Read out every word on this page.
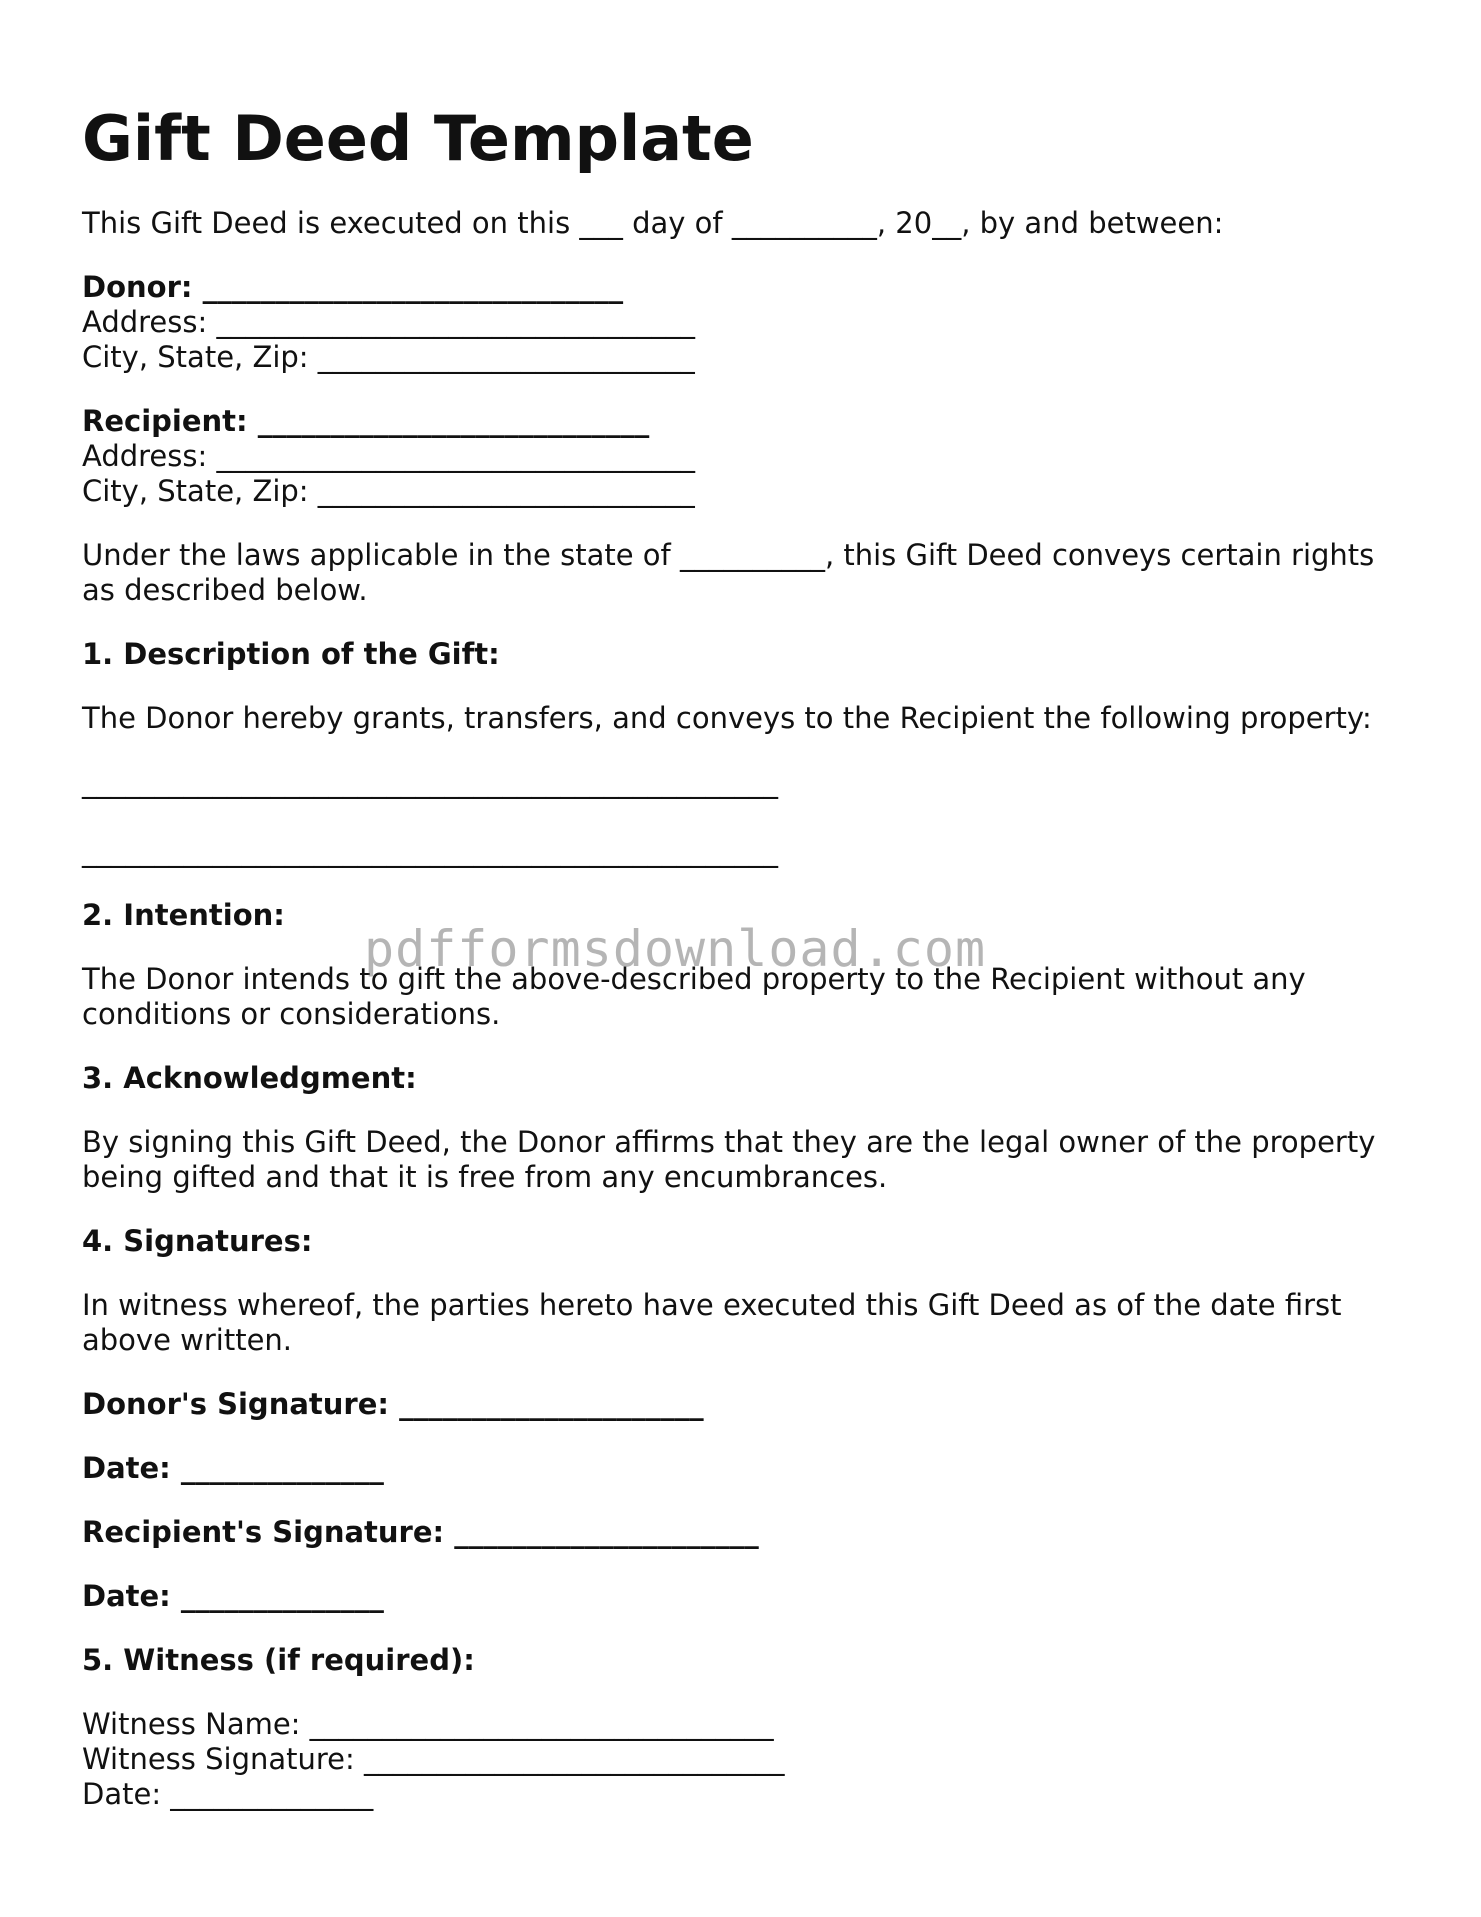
Gift Deed Template

This Gift Deed is executed on this ___ day of __________, 20__, by and between:

Donor: _____________________________

Address: _________________________________

City, State, Zip: __________________________

Recipient: ___________________________

Address: _________________________________

City, State, Zip: __________________________

Under the laws applicable in the state of __________, this Gift Deed conveys certain rights as described below.

1. Description of the Gift:

The Donor hereby grants, transfers, and conveys to the Recipient the following property:

________________________________________________

________________________________________________

2. Intention:

The Donor intends to gift the above-described property to the Recipient without any conditions or considerations.

3. Acknowledgment:

By signing this Gift Deed, the Donor affirms that they are the legal owner of the property being gifted and that it is free from any encumbrances.

4. Signatures:

In witness whereof, the parties hereto have executed this Gift Deed as of the date first above written.

Donor's Signature: _____________________

Date: ______________

Recipient's Signature: _____________________

Date: ______________

5. Witness (if required):

Witness Name: ________________________________

Witness Signature: _____________________________

Date: ______________

pdfformsdownload.com
